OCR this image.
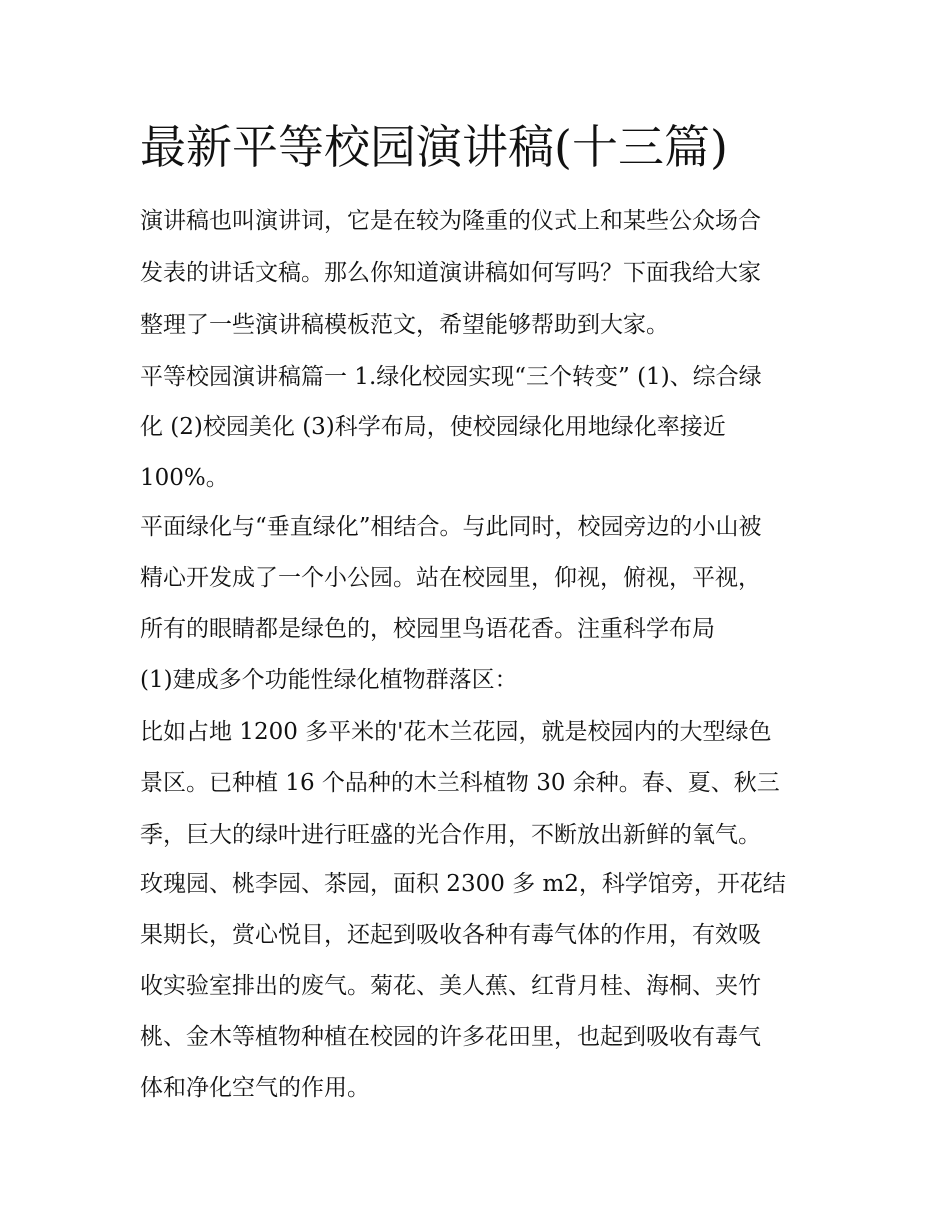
最新平等校园演讲稿(十三篇)

演讲稿也叫演讲词，它是在较为隆重的仪式上和某些公众场合

发表的讲话文稿。那么你知道演讲稿如何写吗？下面我给大家

整理了一些演讲稿模板范文，希望能够帮助到大家。

平等校园演讲稿篇一 1.绿化校园实现“三个转变” (1)、综合绿

化 (2)校园美化 (3)科学布局，使校园绿化用地绿化率接近

100%。

平面绿化与“垂直绿化”相结合。与此同时，校园旁边的小山被

精心开发成了一个小公园。站在校园里，仰视，俯视，平视，

所有的眼睛都是绿色的，校园里鸟语花香。注重科学布局

(1)建成多个功能性绿化植物群落区：

比如占地 1200 多平米的'花木兰花园，就是校园内的大型绿色

景区。已种植 16 个品种的木兰科植物 30 余种。春、夏、秋三

季，巨大的绿叶进行旺盛的光合作用，不断放出新鲜的氧气。

玫瑰园、桃李园、茶园，面积 2300 多 m2，科学馆旁，开花结

果期长，赏心悦目，还起到吸收各种有毒气体的作用，有效吸

收实验室排出的废气。菊花、美人蕉、红背月桂、海桐、夹竹

桃、金木等植物种植在校园的许多花田里，也起到吸收有毒气

体和净化空气的作用。
